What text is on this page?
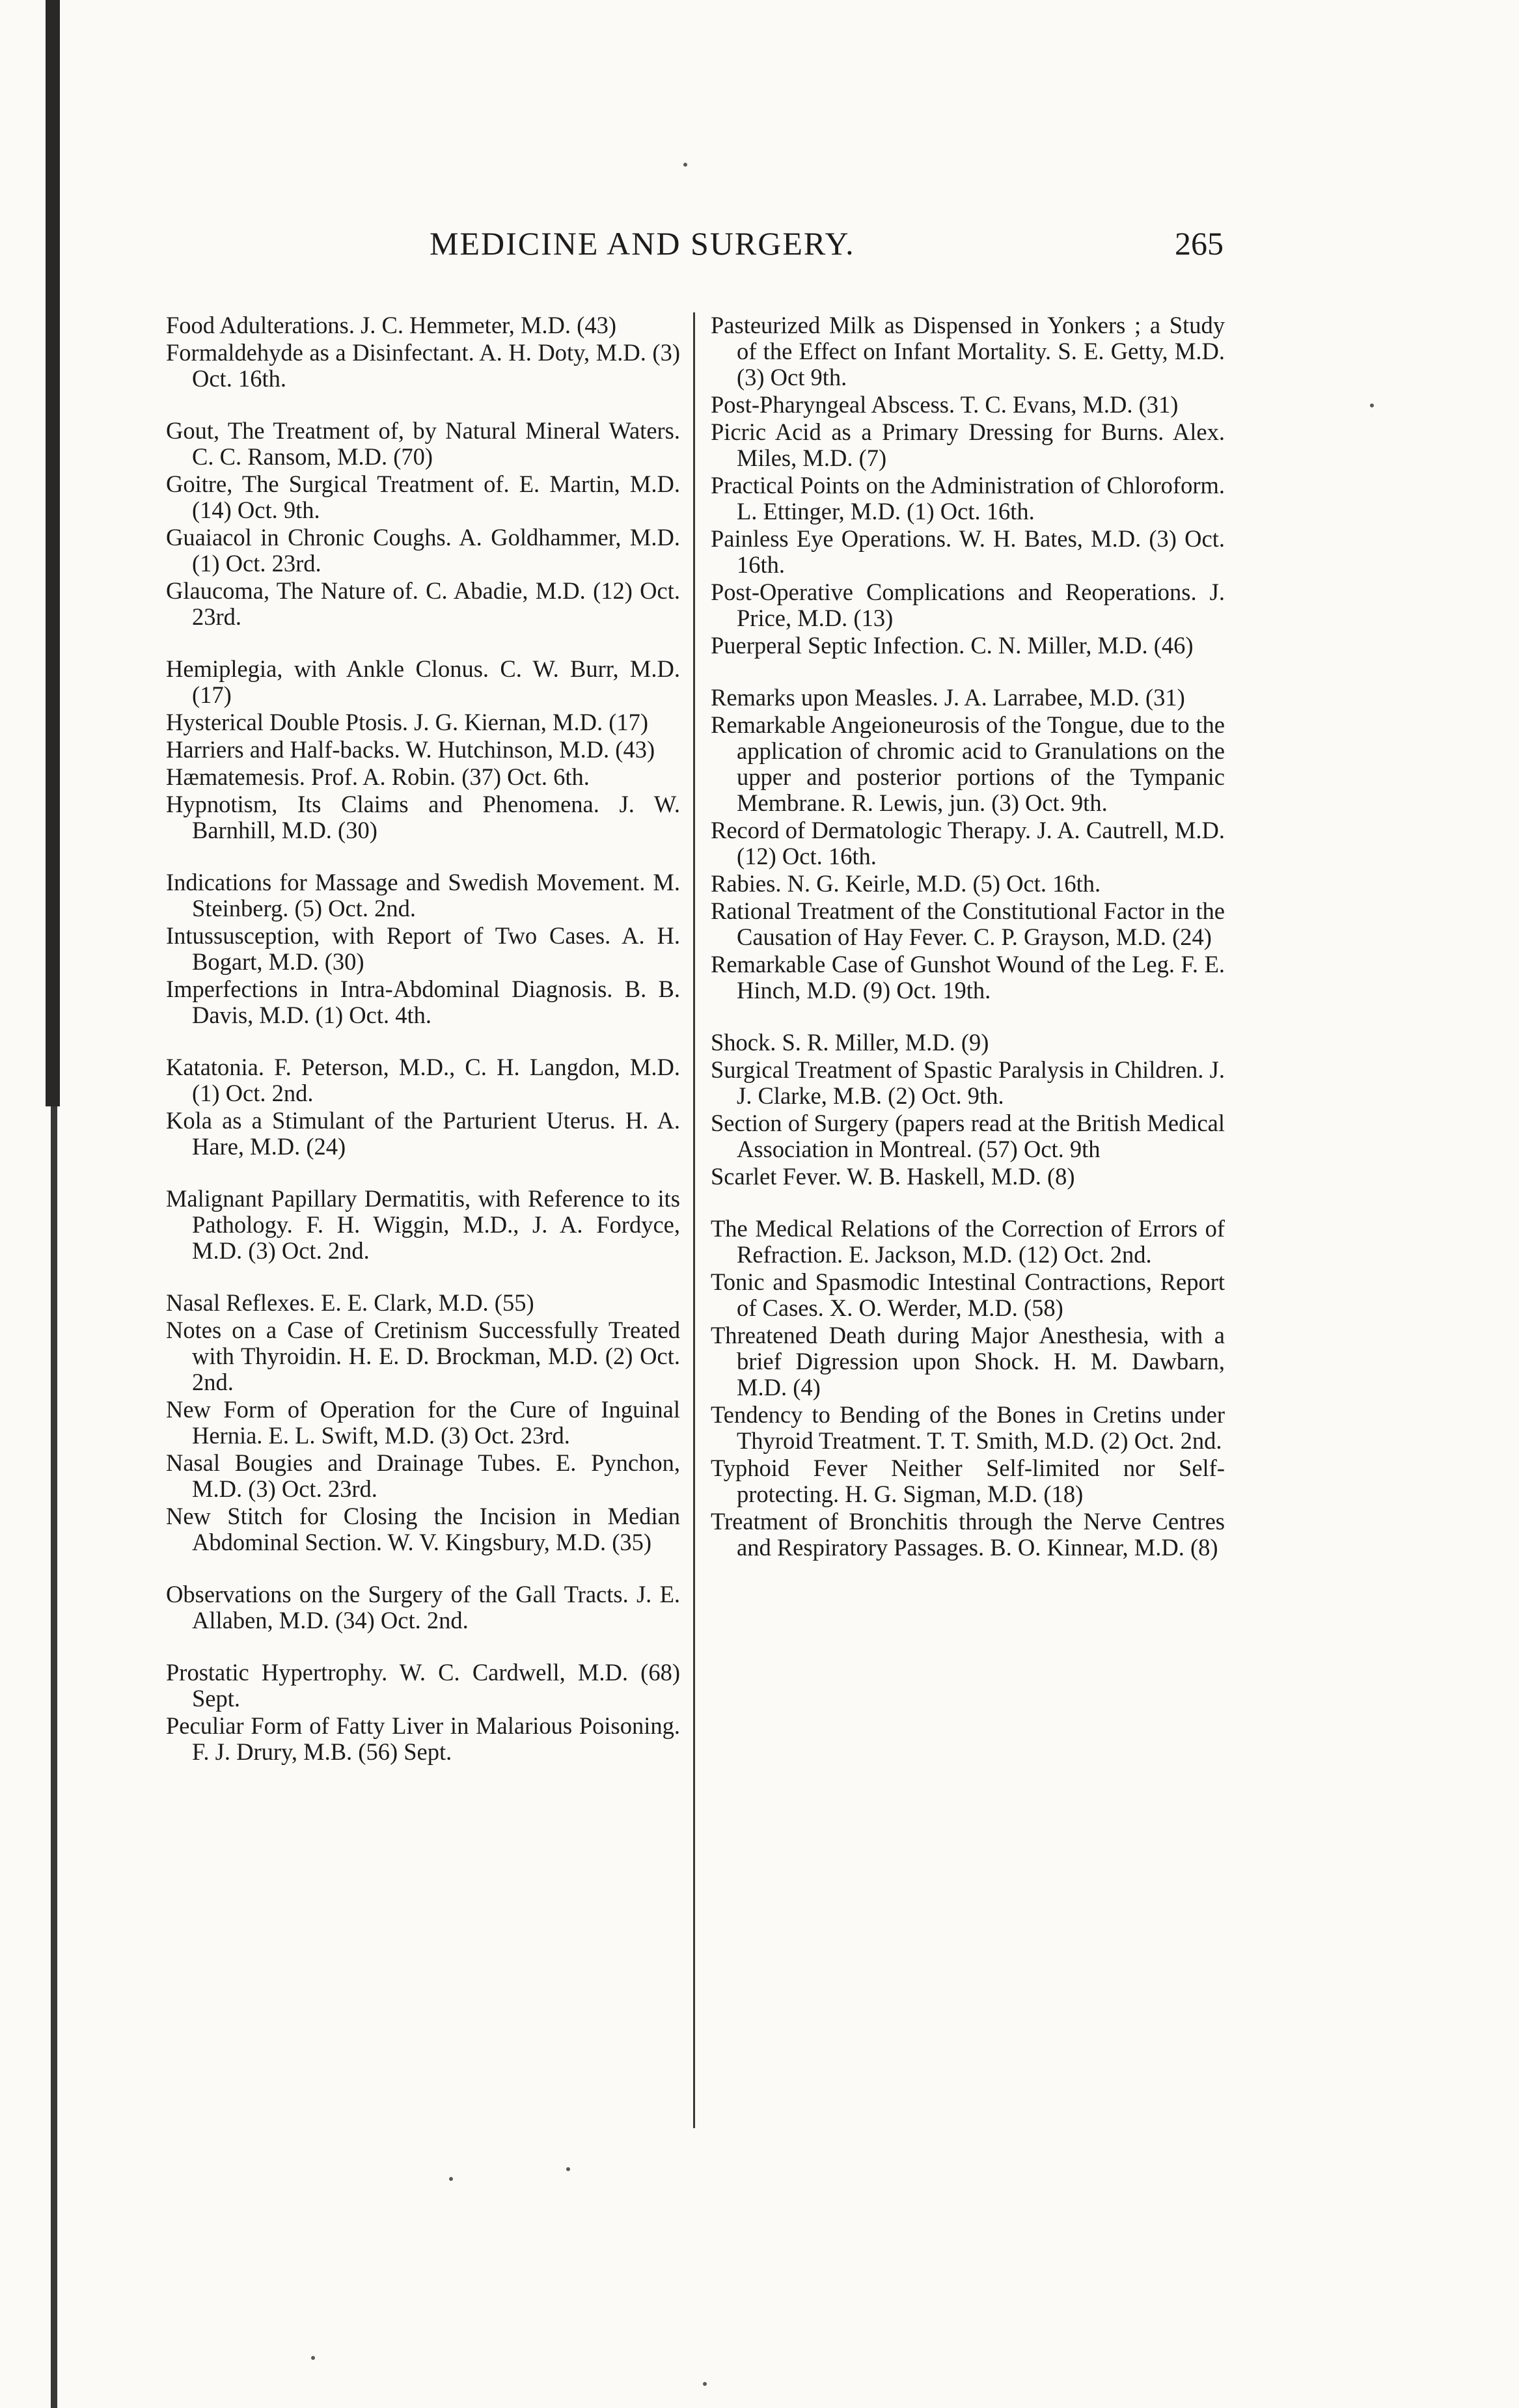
MEDICINE AND SURGERY.	265

Food Adulterations. J. C. Hemmeter, M.D. (43)

Formaldehyde as a Disinfectant. A. H. Doty, M.D. (3) Oct. 16th.

Gout, The Treatment of, by Natural Mineral Waters. C. C. Ransom, M.D. (70)

Goitre, The Surgical Treatment of. E. Martin, M.D. (14) Oct. 9th.

Guaiacol in Chronic Coughs. A. Goldhammer, M.D. (1) Oct. 23rd.

Glaucoma, The Nature of. C. Abadie, M.D. (12) Oct. 23rd.

Hemiplegia, with Ankle Clonus. C. W. Burr, M.D. (17)

Hysterical Double Ptosis. J. G. Kiernan, M.D. (17)

Harriers and Half-backs. W. Hutchinson, M.D. (43)

Hæmatemesis. Prof. A. Robin. (37) Oct. 6th.

Hypnotism, Its Claims and Phenomena. J. W. Barnhill, M.D. (30)

Indications for Massage and Swedish Movement. M. Steinberg. (5) Oct. 2nd.

Intussusception, with Report of Two Cases. A. H. Bogart, M.D. (30)

Imperfections in Intra-Abdominal Diagnosis. B. B. Davis, M.D. (1) Oct. 4th.

Katatonia. F. Peterson, M.D., C. H. Langdon, M.D. (1) Oct. 2nd.

Kola as a Stimulant of the Parturient Uterus. H. A. Hare, M.D. (24)

Malignant Papillary Dermatitis, with Reference to its Pathology. F. H. Wiggin, M.D., J. A. Fordyce, M.D. (3) Oct. 2nd.

Nasal Reflexes. E. E. Clark, M.D. (55)

Notes on a Case of Cretinism Successfully Treated with Thyroidin. H. E. D. Brockman, M.D. (2) Oct. 2nd.

New Form of Operation for the Cure of Inguinal Hernia. E. L. Swift, M.D. (3) Oct. 23rd.

Nasal Bougies and Drainage Tubes. E. Pynchon, M.D. (3) Oct. 23rd.

New Stitch for Closing the Incision in Median Abdominal Section. W. V. Kingsbury, M.D. (35)

Observations on the Surgery of the Gall Tracts. J. E. Allaben, M.D. (34) Oct. 2nd.

Prostatic Hypertrophy. W. C. Cardwell, M.D. (68) Sept.

Peculiar Form of Fatty Liver in Malarious Poisoning. F. J. Drury, M.B. (56) Sept.

Pasteurized Milk as Dispensed in Yonkers ; a Study of the Effect on Infant Mortality. S. E. Getty, M.D. (3) Oct 9th.

Post-Pharyngeal Abscess. T. C. Evans, M.D. (31)

Picric Acid as a Primary Dressing for Burns. Alex. Miles, M.D. (7)

Practical Points on the Administration of Chloroform. L. Ettinger, M.D. (1) Oct. 16th.

Painless Eye Operations. W. H. Bates, M.D. (3) Oct. 16th.

Post-Operative Complications and Reoperations. J. Price, M.D. (13)

Puerperal Septic Infection. C. N. Miller, M.D. (46)

Remarks upon Measles. J. A. Larrabee, M.D. (31)

Remarkable Angeioneurosis of the Tongue, due to the application of chromic acid to Granulations on the upper and posterior portions of the Tympanic Membrane. R. Lewis, jun. (3) Oct. 9th.

Record of Dermatologic Therapy. J. A. Cautrell, M.D. (12) Oct. 16th.

Rabies. N. G. Keirle, M.D. (5) Oct. 16th.

Rational Treatment of the Constitutional Factor in the Causation of Hay Fever. C. P. Grayson, M.D. (24)

Remarkable Case of Gunshot Wound of the Leg. F. E. Hinch, M.D. (9) Oct. 19th.

Shock. S. R. Miller, M.D. (9)

Surgical Treatment of Spastic Paralysis in Children. J. J. Clarke, M.B. (2) Oct. 9th.

Section of Surgery (papers read at the British Medical Association in Montreal. (57) Oct. 9th

Scarlet Fever. W. B. Haskell, M.D. (8)

The Medical Relations of the Correction of Errors of Refraction. E. Jackson, M.D. (12) Oct. 2nd.

Tonic and Spasmodic Intestinal Contractions, Report of Cases. X. O. Werder, M.D. (58)

Threatened Death during Major Anesthesia, with a brief Digression upon Shock. H. M. Dawbarn, M.D. (4)

Tendency to Bending of the Bones in Cretins under Thyroid Treatment. T. T. Smith, M.D. (2) Oct. 2nd.

Typhoid Fever Neither Self-limited nor Self-protecting. H. G. Sigman, M.D. (18)

Treatment of Bronchitis through the Nerve Centres and Respiratory Passages. B. O. Kinnear, M.D. (8)
